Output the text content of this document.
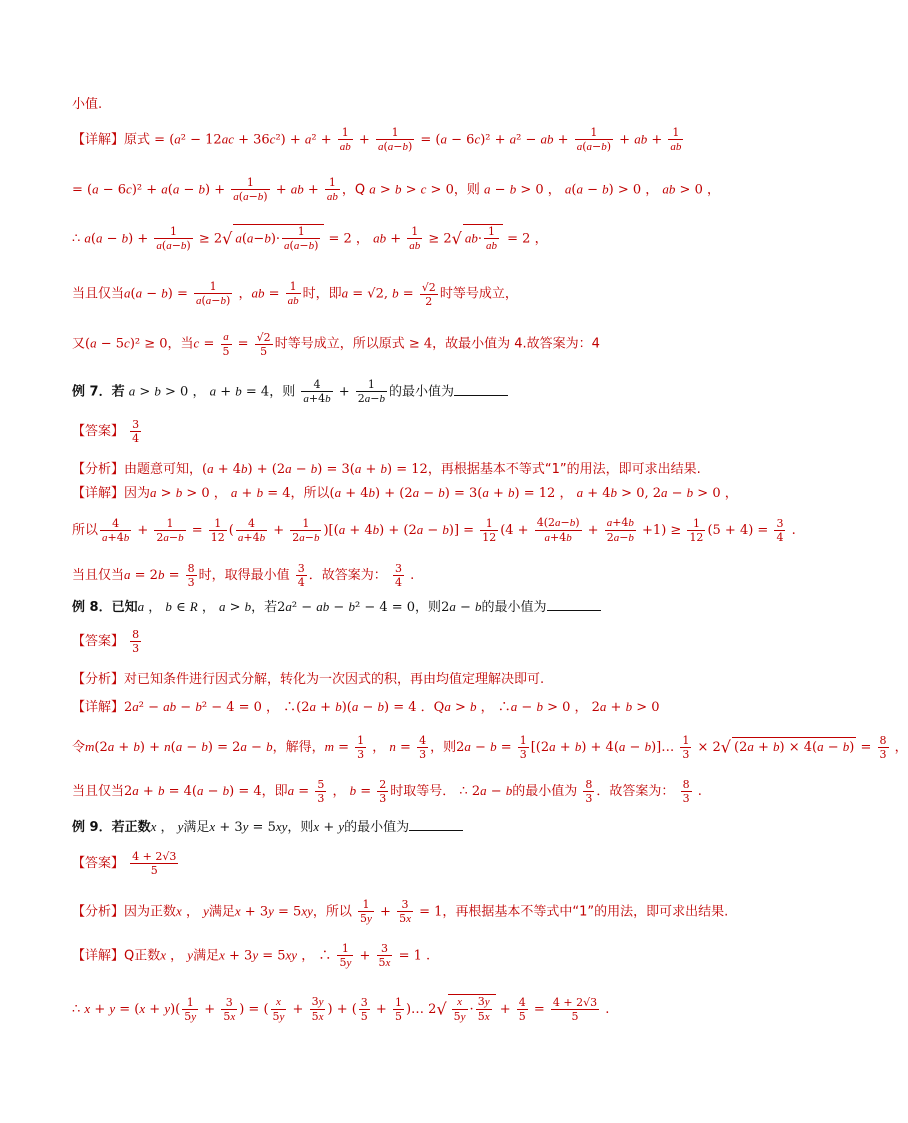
小值.
【详解】原式 = $(a^2 - 12ac + 36c^2) + a^2 + \frac{1}{ab} + \frac{1}{a(a-b)} = (a - 6c)^2 + a^2$ − ab + $\frac{1}{a(a-b)}$ + ab + $\frac{1}{ab}$
= $(a - 6c)^2 + a(a - b) + \frac{1}{a(a-b)}$ + ab + $\frac{1}{ab}$ ，Q a > b > c > 0，则 a − b > 0 ， a(a − b) > 0 ， ab > 0 ，
∴ $a(a - b) + \frac{1}{a(a-b)} \ge 2√$ $a(a-b)\cdot \frac{1}{a(a-b)} = 2$ ， ab + $\frac{1}{ab} \ge 2√$ $ab\cdot \frac{1}{ab} = 2$ ，
当且仅当$a(a - b) = \frac{1}{a(a-b)}$ ，ab = $\frac{1}{ab}$ 时，即a = √2, $b = \frac{√2}{2}$ 时等号成立，
又(a − 5c)² ≥ 0，当$c = \frac{a}{5} = \frac{√2}{5}$ 时等号成立，所以原式 ≥ 4，故最小值为 4.故答案为：4
例 7．若 a > b > 0 ， a + b = 4，则 $\frac{4}{a+4b} + \frac{1}{2a-b}$ 的最小值为
【答案】 $\frac{3}{4}$
【分析】由题意可知，(a + 4b) + (2a − b) = 3(a + b) = 12，再根据基本不等式“1”的用法，即可求出结果.
【详解】因为a > b > 0 ， a + b = 4，所以(a + 4b) + (2a − b) = 3(a + b) = 12 ， a + 4b > 0, 2a − b > 0 ，
所以 $\frac{4}{a+4b} + \frac{1}{2a-b} = \frac{1}{12}$ ( $\frac{4}{a+4b} + \frac{1}{2a-b} )[(a + 4b) + (2a - b)] = \frac{1}{12} (4 + \frac{4(2a-b)}{a+4b} + \frac{a+4b}{2a-b} +1) \ge \frac{1}{12} (5 + 4) = \frac{3}{4}$ .
当且仅当$a = 2b = \frac{8}{3}$ 时，取得最小值 $\frac{3}{4}$ ．故答案为： $\frac{3}{4}$ .
例 8．已知a ， b ∈ R ， a > b，若2a² − ab − b² − 4 = 0，则2a − b的最小值为
【答案】 $\frac{8}{3}$
【分析】对已知条件进行因式分解，转化为一次因式的积，再由均值定理解决即可.
【详解】2a² − ab − b² − 4 = 0 ， ∴(2a + b)(a − b) = 4 ．Qa > b ， ∴a − b > 0 ， 2a + b > 0
令m(2a + b) + n(a − b) = 2a − b，解得，$m = \frac{1}{3}$ ， $n = \frac{4}{3}$ ，则$2a - b = \frac{1}{3} [(2a + b) + 4(a$ − b)]… $\frac{1}{3} \times 2√$ $(2a + b) \times 4(a - b) = \frac{8}{3}$ ，
当且仅当2a + b = 4(a − b) = 4，即$a = \frac{5}{3}$ ， $b = \frac{2}{3}$ 时取等号． ∴ 2a − b的最小值为 $\frac{8}{3}$ ．故答案为： $\frac{8}{3}$ .
例 9．若正数x ， y满足x + 3y = 5xy，则x + y的最小值为
【答案】 $\frac{4 + 2√3}{5}$
【分析】因为正数x ， y满足x + 3y = 5xy，所以 $\frac{1}{5y} + \frac{3}{5x} = 1$，再根据基本不等式中“1”的用法，即可求出结果.
【详解】Q正数x ， y满足x + 3y = 5xy ， ∴ $\frac{1}{5y} + \frac{3}{5x} = 1$ .
∴ $x + y = (x + y)( \frac{1}{5y} + \frac{3}{5x}$ ) = ( $\frac{x}{5y} + \frac{3y}{5x}$ ) + ( $\frac{3}{5} + \frac{1}{5}$ )… $2√ \frac{x}{5y} \cdot \frac{3y}{5x} + \frac{4}{5} = \frac{4 + 2√3}{5}$ .
